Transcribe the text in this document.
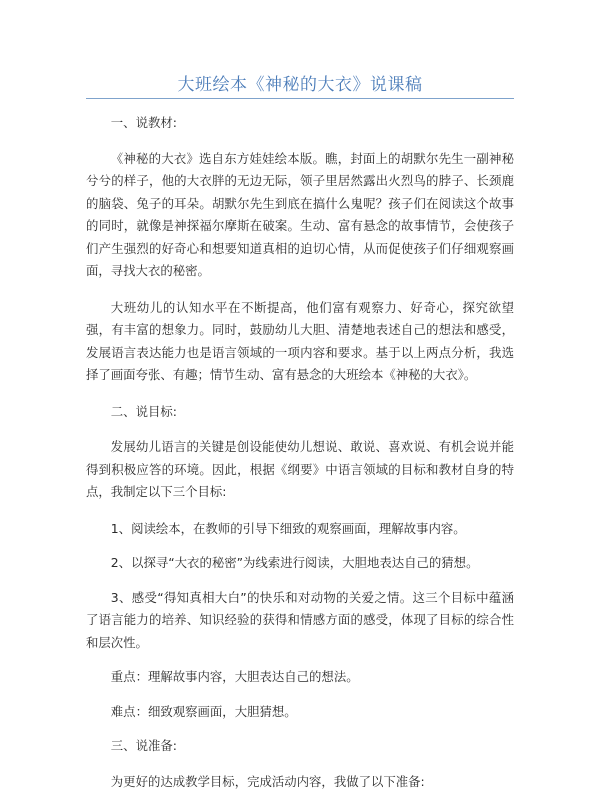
大班绘本《神秘的大衣》说课稿

一、说教材:

《神秘的大衣》选自东方娃娃绘本版。瞧，封面上的胡默尔先生一副神秘兮兮的样子，他的大衣胖的无边无际，领子里居然露出火烈鸟的脖子、长颈鹿的脑袋、兔子的耳朵。胡默尔先生到底在搞什么鬼呢？孩子们在阅读这个故事的同时，就像是神探福尔摩斯在破案。生动、富有悬念的故事情节，会使孩子们产生强烈的好奇心和想要知道真相的迫切心情，从而促使孩子们仔细观察画面，寻找大衣的秘密。

大班幼儿的认知水平在不断提高，他们富有观察力、好奇心，探究欲望强，有丰富的想象力。同时，鼓励幼儿大胆、清楚地表述自己的想法和感受，发展语言表达能力也是语言领域的一项内容和要求。基于以上两点分析，我选择了画面夸张、有趣；情节生动、富有悬念的大班绘本《神秘的大衣》。

二、说目标:

发展幼儿语言的关键是创设能使幼儿想说、敢说、喜欢说、有机会说并能得到积极应答的环境。因此，根据《纲要》中语言领域的目标和教材自身的特点，我制定以下三个目标:

1、阅读绘本，在教师的引导下细致的观察画面，理解故事内容。

2、以探寻“大衣的秘密”为线索进行阅读，大胆地表达自己的猜想。

3、感受“得知真相大白”的快乐和对动物的关爱之情。这三个目标中蕴涵了语言能力的培养、知识经验的获得和情感方面的感受，体现了目标的综合性和层次性。

重点：理解故事内容，大胆表达自己的想法。

难点：细致观察画面，大胆猜想。

三、说准备:

为更好的达成教学目标，完成活动内容，我做了以下准备:
